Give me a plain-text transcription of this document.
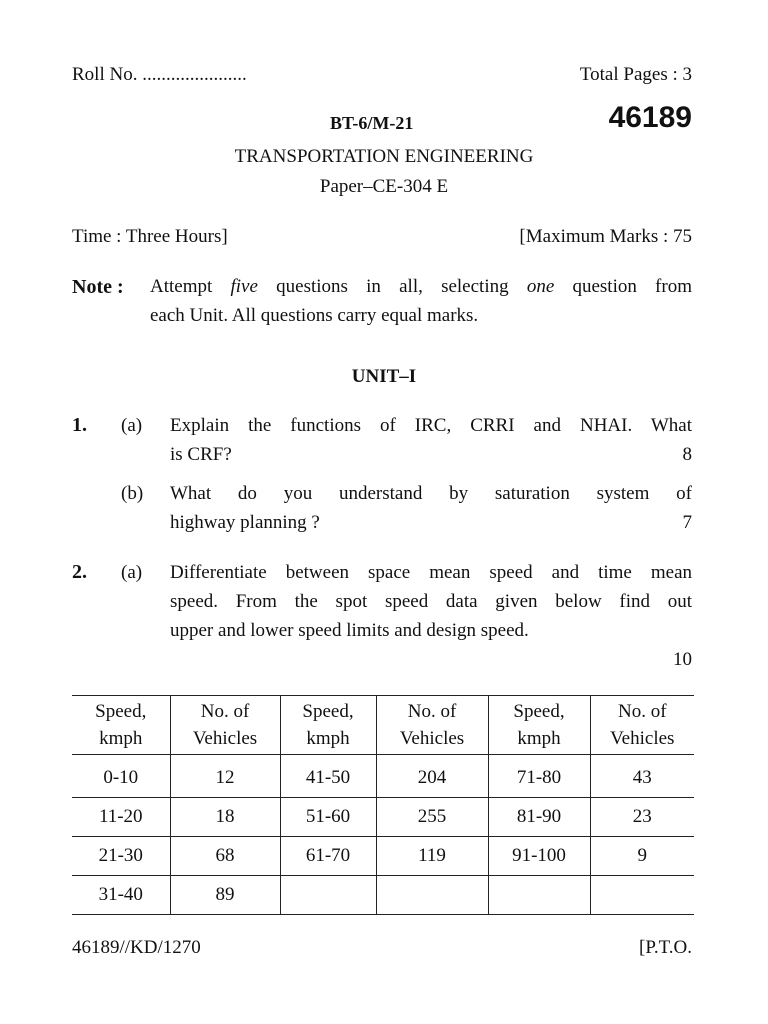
Roll No. ......................	Total Pages : 3
BT-6/M-21	46189
TRANSPORTATION ENGINEERING
Paper–CE-304 E
Time : Three Hours]	[Maximum Marks : 75
Note : Attempt five questions in all, selecting one question from
each Unit. All questions carry equal marks.
UNIT–I
1. (a) Explain the functions of IRC, CRRI and NHAI. What
is CRF?	8
(b) What do you understand by saturation system of
highway planning ?	7
2. (a) Differentiate between space mean speed and time mean
speed. From the spot speed data given below find out
upper and lower speed limits and design speed.
10
Speed,
kmph	No. of
Vehicles	Speed,
kmph	No. of
Vehicles	Speed,
kmph	No. of
Vehicles
0-10	12	41-50	204	71-80	43
11-20	18	51-60	255	81-90	23
21-30	68	61-70	119	91-100	9
31-40	89				
46189//KD/1270	[P.T.O.
